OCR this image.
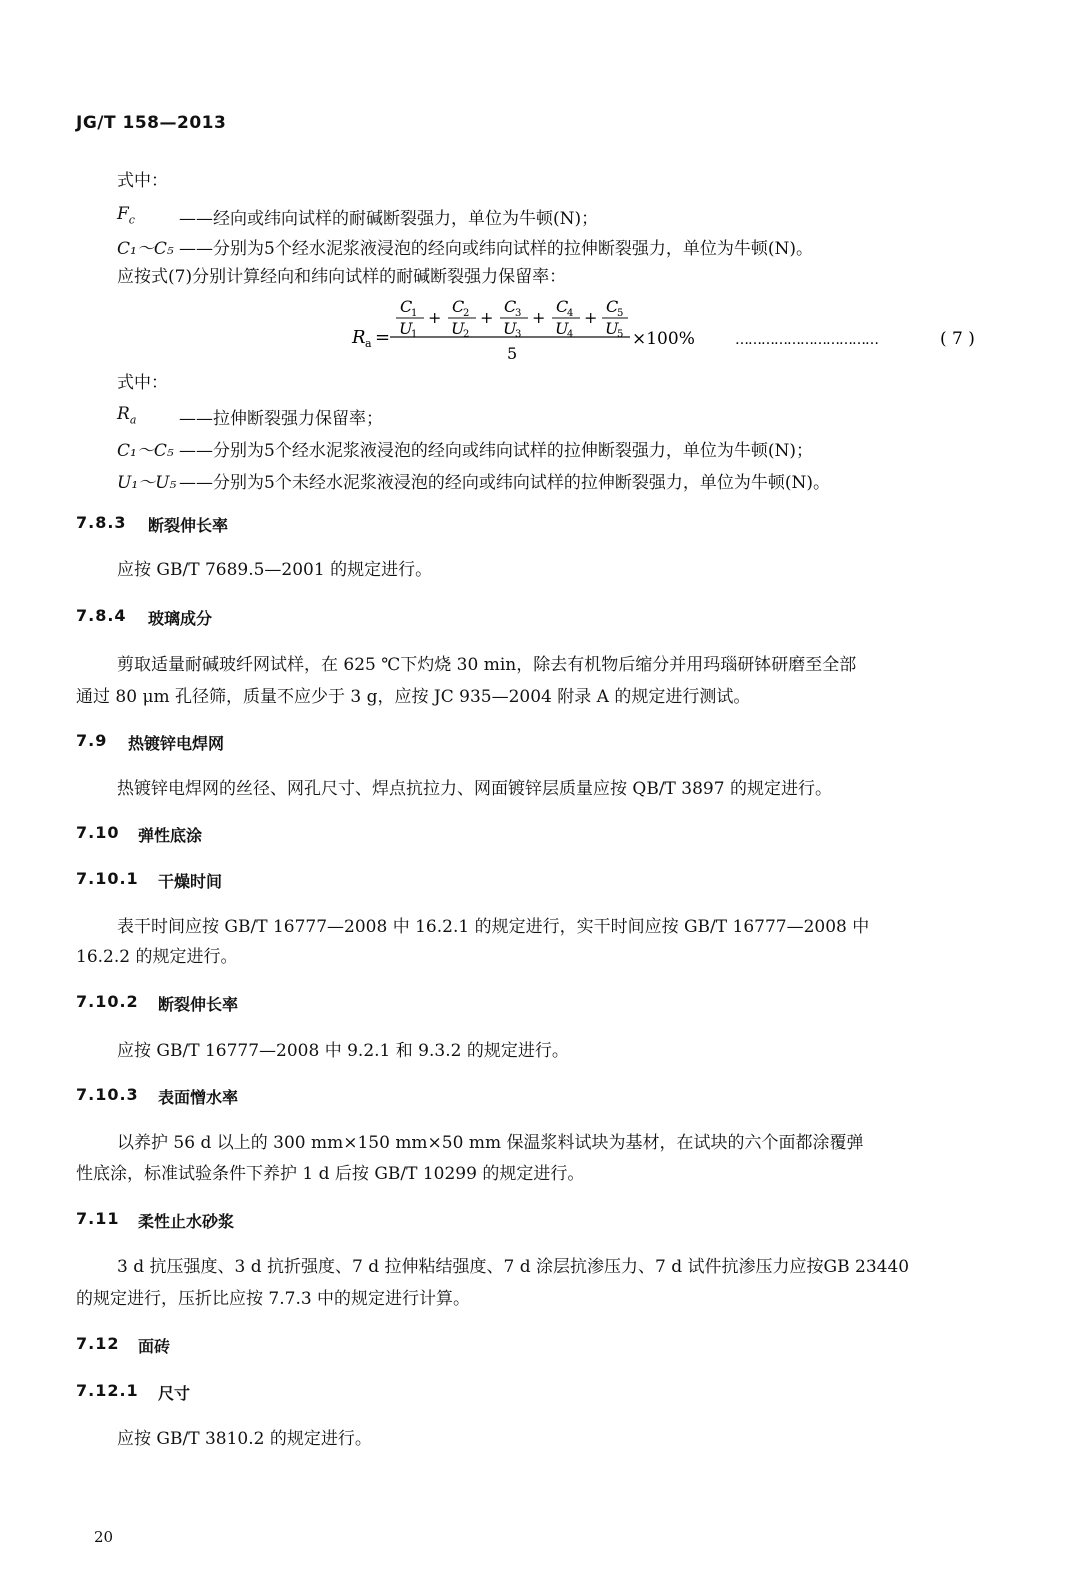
JG/T 158—2013
式中：
$F_c$	——经向或纬向试样的耐碱断裂强力，单位为牛顿(N)；
C₁～C₅ ——分别为5个经水泥浆液浸泡的经向或纬向试样的拉伸断裂强力，单位为牛顿(N)。
应按式(7)分别计算经向和纬向试样的耐碱断裂强力保留率：
R a =
C
1
U
1
+
C
2
U
2
+
C
3
U
3
+
C
4
U
4
+
C
5
U
5
5
×100%	……………………………	( 7 )
式中：
$R_a$	——拉伸断裂强力保留率；
C₁～C₅ ——分别为5个经水泥浆液浸泡的经向或纬向试样的拉伸断裂强力，单位为牛顿(N)；
U₁～U₅ ——分别为5个未经水泥浆液浸泡的经向或纬向试样的拉伸断裂强力，单位为牛顿(N)。
7.8.3 断裂伸长率
应按 GB/T 7689.5—2001 的规定进行。
7.8.4 玻璃成分
剪取适量耐碱玻纤网试样，在 625 ℃下灼烧 30 min，除去有机物后缩分并用玛瑙研钵研磨至全部
通过 80 μm 孔径筛，质量不应少于 3 g，应按 JC 935—2004 附录 A 的规定进行测试。
7.9 热镀锌电焊网
热镀锌电焊网的丝径、网孔尺寸、焊点抗拉力、网面镀锌层质量应按 QB/T 3897 的规定进行。
7.10 弹性底涂
7.10.1 干燥时间
表干时间应按 GB/T 16777—2008 中 16.2.1 的规定进行，实干时间应按 GB/T 16777—2008 中
16.2.2 的规定进行。
7.10.2 断裂伸长率
应按 GB/T 16777—2008 中 9.2.1 和 9.3.2 的规定进行。
7.10.3 表面憎水率
以养护 56 d 以上的 300 mm×150 mm×50 mm 保温浆料试块为基材，在试块的六个面都涂覆弹
性底涂，标准试验条件下养护 1 d 后按 GB/T 10299 的规定进行。
7.11 柔性止水砂浆
3 d 抗压强度、3 d 抗折强度、7 d 拉伸粘结强度、7 d 涂层抗渗压力、7 d 试件抗渗压力应按GB 23440
的规定进行，压折比应按 7.7.3 中的规定进行计算。
7.12 面砖
7.12.1 尺寸
应按 GB/T 3810.2 的规定进行。
20
